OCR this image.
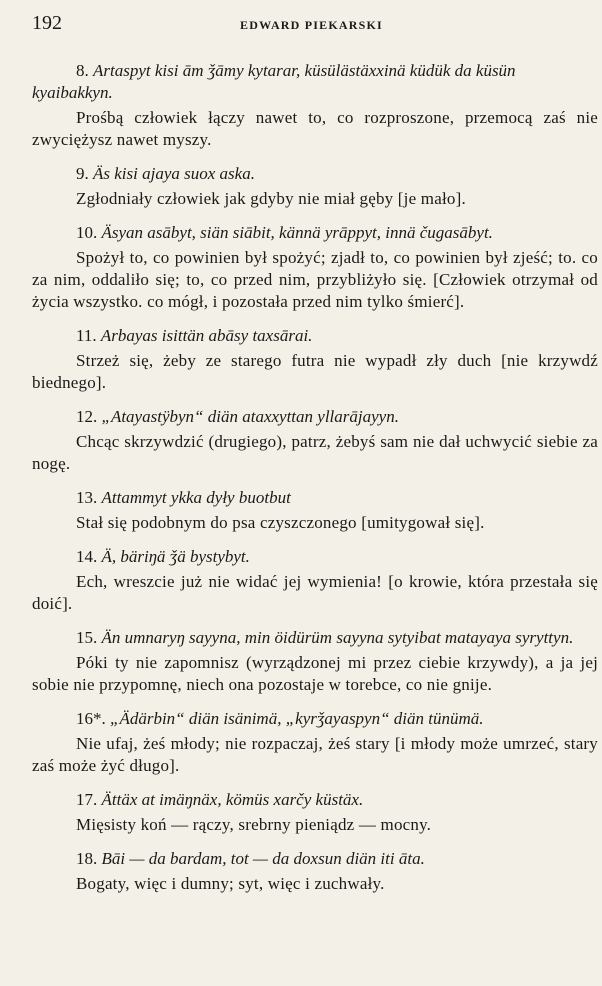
192	EDWARD PIEKARSKI

8. Artaspyt kisi ām ǯāmy kytarar, küsülästäxxinä küdük da küsün kyaibakkyn.

Prośbą człowiek łączy nawet to, co rozproszone, przemocą zaś nie zwyciężysz nawet myszy.

9. Äs kisi ajaya suox aska.

Zgłodniały człowiek jak gdyby nie miał gęby [je mało].

10. Äsyan asābyt, siän siābit, kännä yrāppyt, innä čugasābyt.

Spożył to, co powinien był spożyć; zjadł to, co powinien był zjeść; to. co za nim, oddaliło się; to, co przed nim, przybliżyło się. [Człowiek otrzymał od życia wszystko. co mógł, i pozostała przed nim tylko śmierć].

11. Arbayas isittän abāsy taxsārai.

Strzeż się, żeby ze starego futra nie wypadł zły duch [nie krzywdź biednego].

12. „Atayastÿbyn“ diän ataxxyttan yllarājayyn.

Chcąc skrzywdzić (drugiego), patrz, żebyś sam nie dał uchwycić siebie za nogę.

13. Attammyt ykka dyły buotbut

Stał się podobnym do psa czyszczonego [umitygował się].

14. Ä, bäriŋä ǯä bystybyt.

Ech, wreszcie już nie widać jej wymienia! [o krowie, która przestała się doić].

15. Än umnaryŋ sayyna, min öidürüm sayyna sytyibat matayaya syryttyn.

Póki ty nie zapomnisz (wyrządzonej mi przez ciebie krzywdy), a ja jej sobie nie przypomnę, niech ona pozostaje w torebce, co nie gnije.

16*. „Ädärbin“ diän isänimä, „kyrǯayaspyn“ diän tünümä.

Nie ufaj, żeś młody; nie rozpaczaj, żeś stary [i młody może umrzeć, stary zaś może żyć długo].

17. Ättäx at imäŋnäx, kömüs xarčy küstäx.

Mięsisty koń — rączy, srebrny pieniądz — mocny.

18. Bāi — da bardam, tot — da doxsun diän iti āta.

Bogaty, więc i dumny; syt, więc i zuchwały.
